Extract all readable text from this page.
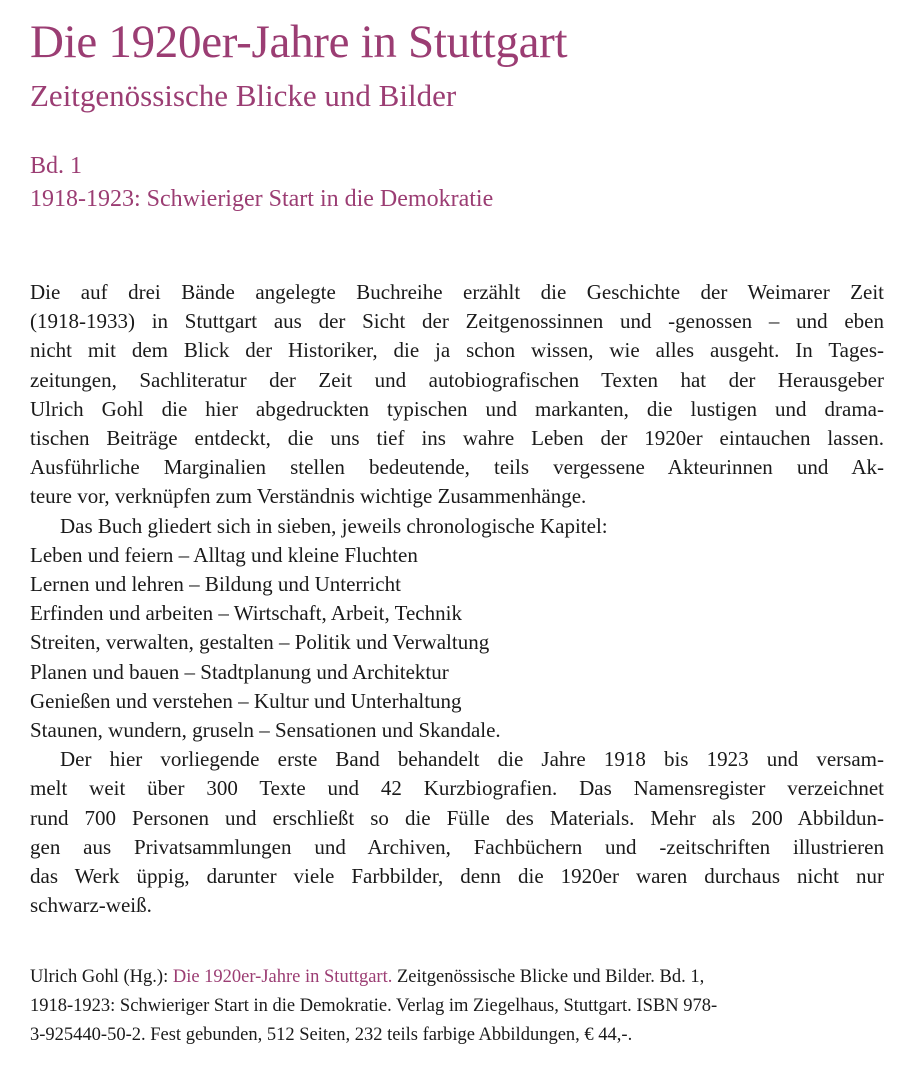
Die 1920er-Jahre in Stuttgart
Zeitgenössische Blicke und Bilder
Bd. 1
1918-1923: Schwieriger Start in die Demokratie
Die auf drei Bände angelegte Buchreihe erzählt die Geschichte der Weimarer Zeit
(1918-1933) in Stuttgart aus der Sicht der Zeitgenossinnen und -genossen – und eben
nicht mit dem Blick der Historiker, die ja schon wissen, wie alles ausgeht. In Tages-
zeitungen, Sachliteratur der Zeit und autobiografischen Texten hat der Herausgeber
Ulrich Gohl die hier abgedruckten typischen und markanten, die lustigen und drama-
tischen Beiträge entdeckt, die uns tief ins wahre Leben der 1920er eintauchen lassen.
Ausführliche Marginalien stellen bedeutende, teils vergessene Akteurinnen und Ak-
teure vor, verknüpfen zum Verständnis wichtige Zusammenhänge.
Das Buch gliedert sich in sieben, jeweils chronologische Kapitel:
Leben und feiern – Alltag und kleine Fluchten
Lernen und lehren – Bildung und Unterricht
Erfinden und arbeiten – Wirtschaft, Arbeit, Technik
Streiten, verwalten, gestalten – Politik und Verwaltung
Planen und bauen – Stadtplanung und Architektur
Genießen und verstehen – Kultur und Unterhaltung
Staunen, wundern, gruseln – Sensationen und Skandale.
Der hier vorliegende erste Band behandelt die Jahre 1918 bis 1923 und versam-
melt weit über 300 Texte und 42 Kurzbiografien. Das Namensregister verzeichnet
rund 700 Personen und erschließt so die Fülle des Materials. Mehr als 200 Abbildun-
gen aus Privatsammlungen und Archiven, Fachbüchern und -zeitschriften illustrieren
das Werk üppig, darunter viele Farbbilder, denn die 1920er waren durchaus nicht nur
schwarz-weiß.
Ulrich Gohl (Hg.): Die 1920er-Jahre in Stuttgart. Zeitgenössische Blicke und Bilder. Bd. 1,
1918-1923: Schwieriger Start in die Demokratie. Verlag im Ziegelhaus, Stuttgart. ISBN 978-
3-925440-50-2. Fest gebunden, 512 Seiten, 232 teils farbige Abbildungen, € 44,-.
